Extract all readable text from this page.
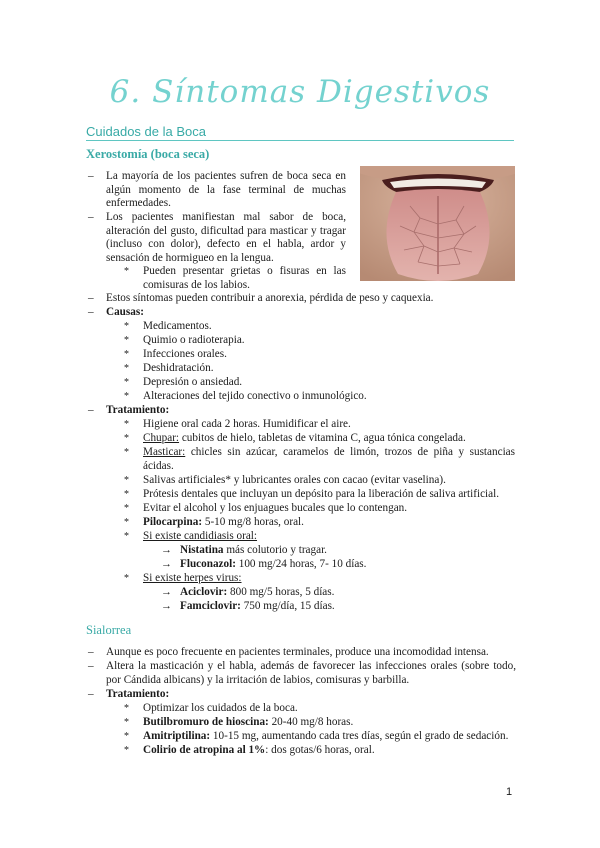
6. Síntomas Digestivos
Cuidados de la Boca
Xerostomía (boca seca)
– La mayoría de los pacientes sufren de boca seca en algún momento de la fase terminal de muchas enfermedades.
– Los pacientes manifiestan mal sabor de boca, alteración del gusto, dificultad para masticar y tragar (incluso con dolor), defecto en el habla, ardor y sensación de hormigueo en la lengua.
* Pueden presentar grietas o fisuras en las comisuras de los labios.
– Estos síntomas pueden contribuir a anorexia, pérdida de peso y caquexia.
– Causas:
* Medicamentos.
* Quimio o radioterapia.
* Infecciones orales.
* Deshidratación.
* Depresión o ansiedad.
* Alteraciones del tejido conectivo o inmunológico.
– Tratamiento:
* Higiene oral cada 2 horas. Humidificar el aire.
* Chupar: cubitos de hielo, tabletas de vitamina C, agua tónica congelada.
* Masticar: chicles sin azúcar, caramelos de limón, trozos de piña y sustancias ácidas.
* Salivas artificiales* y lubricantes orales con cacao (evitar vaselina).
* Prótesis dentales que incluyan un depósito para la liberación de saliva artificial.
* Evitar el alcohol y los enjuagues bucales que lo contengan.
* Pilocarpina: 5-10 mg/8 horas, oral.
* Si existe candidiasis oral:
→ Nistatina más colutorio y tragar.
→ Fluconazol: 100 mg/24 horas, 7- 10 días.
* Si existe herpes virus:
→ Aciclovir: 800 mg/5 horas, 5 días.
→ Famciclovir: 750 mg/día, 15 días.
Sialorrea
– Aunque es poco frecuente en pacientes terminales, produce una incomodidad intensa.
– Altera la masticación y el habla, además de favorecer las infecciones orales (sobre todo, por Cándida albicans) y la irritación de labios, comisuras y barbilla.
– Tratamiento:
* Optimizar los cuidados de la boca.
* Butilbromuro de hioscina: 20-40 mg/8 horas.
* Amitriptilina: 10-15 mg, aumentando cada tres días, según el grado de sedación.
* Colirio de atropina al 1%: dos gotas/6 horas, oral.
1
